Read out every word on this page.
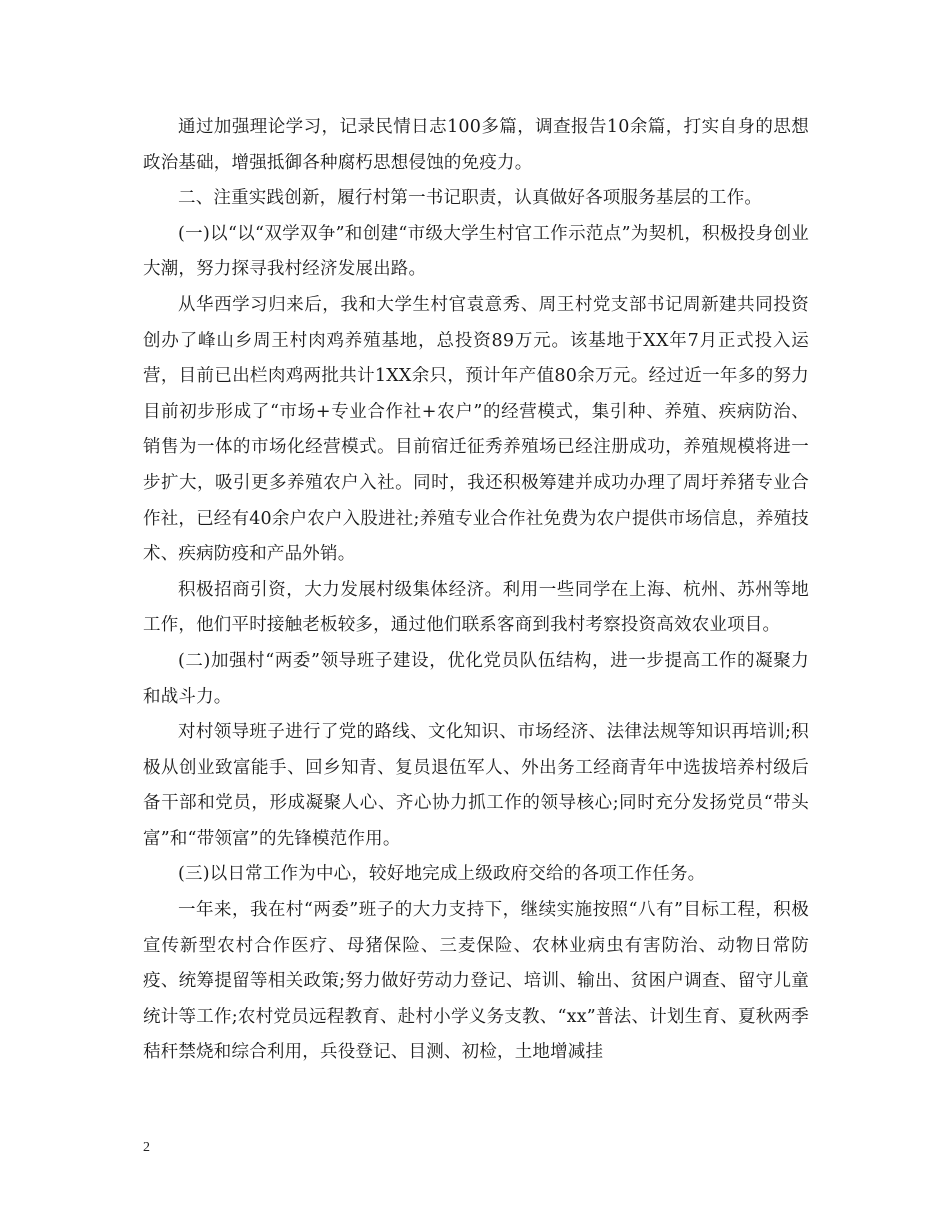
通过加强理论学习，记录民情日志100多篇，调查报告10余篇，打实自身的思想政治基础，增强抵御各种腐朽思想侵蚀的免疫力。

二、注重实践创新，履行村第一书记职责，认真做好各项服务基层的工作。

(一)以“以“双学双争”和创建“市级大学生村官工作示范点”为契机，积极投身创业大潮，努力探寻我村经济发展出路。

从华西学习归来后，我和大学生村官袁意秀、周王村党支部书记周新建共同投资创办了峰山乡周王村肉鸡养殖基地，总投资89万元。该基地于XX年7月正式投入运营，目前已出栏肉鸡两批共计1XX余只，预计年产值80余万元。经过近一年多的努力目前初步形成了“市场+专业合作社+农户”的经营模式，集引种、养殖、疾病防治、销售为一体的市场化经营模式。目前宿迁征秀养殖场已经注册成功，养殖规模将进一步扩大，吸引更多养殖农户入社。同时，我还积极筹建并成功办理了周圩养猪专业合作社，已经有40余户农户入股进社;养殖专业合作社免费为农户提供市场信息，养殖技术、疾病防疫和产品外销。

积极招商引资，大力发展村级集体经济。利用一些同学在上海、杭州、苏州等地工作，他们平时接触老板较多，通过他们联系客商到我村考察投资高效农业项目。

(二)加强村“两委”领导班子建设，优化党员队伍结构，进一步提高工作的凝聚力和战斗力。

对村领导班子进行了党的路线、文化知识、市场经济、法律法规等知识再培训;积极从创业致富能手、回乡知青、复员退伍军人、外出务工经商青年中选拔培养村级后备干部和党员，形成凝聚人心、齐心协力抓工作的领导核心;同时充分发扬党员“带头富”和“带领富”的先锋模范作用。

(三)以日常工作为中心，较好地完成上级政府交给的各项工作任务。

一年来，我在村“两委”班子的大力支持下，继续实施按照“八有”目标工程，积极宣传新型农村合作医疗、母猪保险、三麦保险、农林业病虫有害防治、动物日常防疫、统筹提留等相关政策;努力做好劳动力登记、培训、输出、贫困户调查、留守儿童统计等工作;农村党员远程教育、赴村小学义务支教、“xx”普法、计划生育、夏秋两季秸秆禁烧和综合利用，兵役登记、目测、初检，土地增减挂

2
